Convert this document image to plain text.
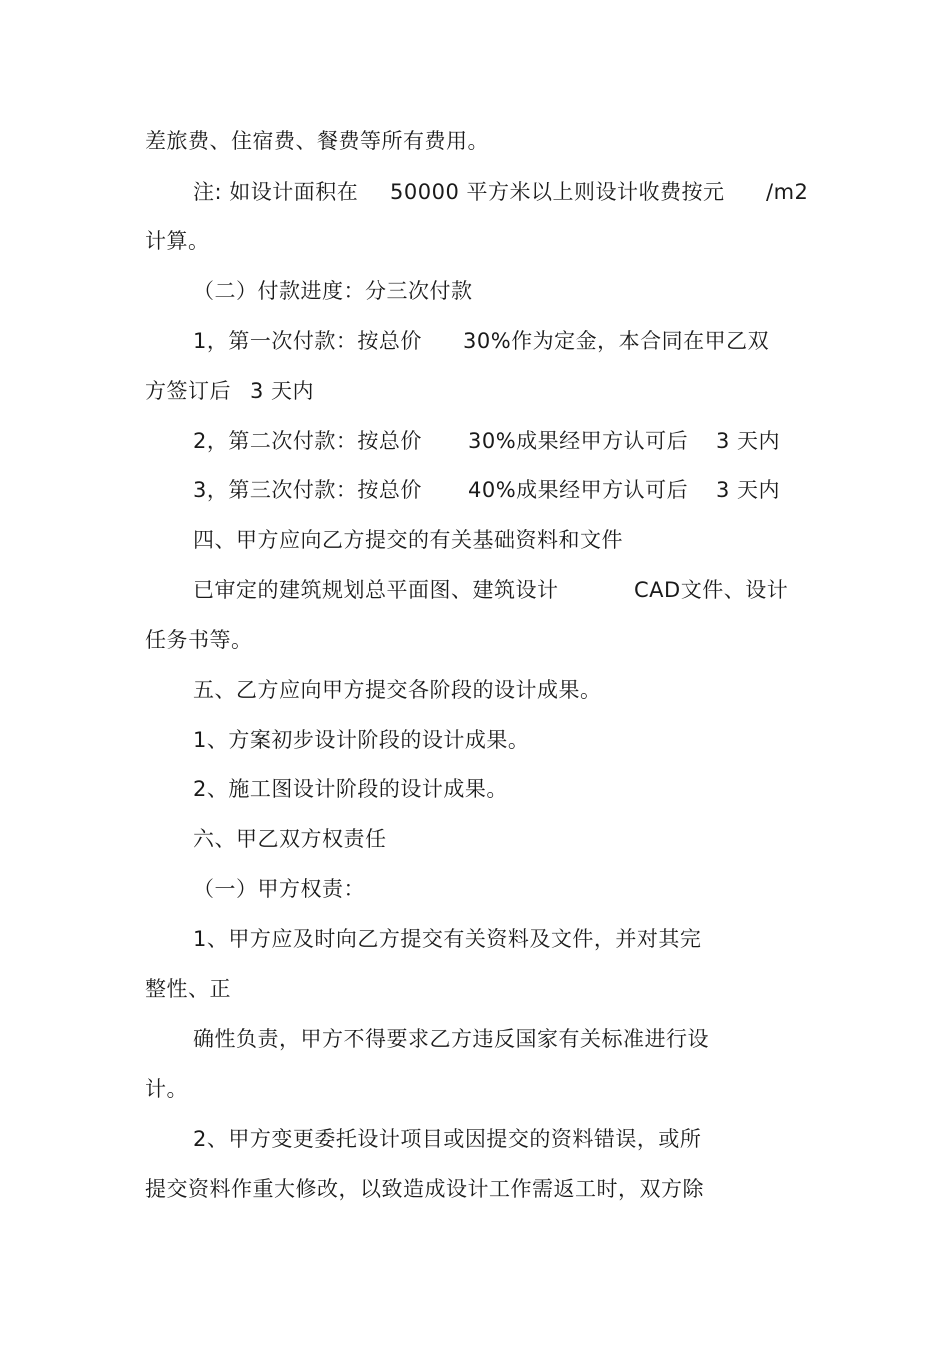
差旅费、住宿费、餐费等所有费用。
注: 如设计面积在 50000 平方米以上则设计收费按元 /m2
计算。
（二）付款进度：分三次付款
1，第一次付款：按总价 30%作为定金，本合同在甲乙双
方签订后 3 天内
2，第二次付款：按总价 30%成果经甲方认可后 3 天内
3，第三次付款：按总价 40%成果经甲方认可后 3 天内
四、甲方应向乙方提交的有关基础资料和文件
已审定的建筑规划总平面图、建筑设计	CAD文件、设计
任务书等。
五、乙方应向甲方提交各阶段的设计成果。
1、方案初步设计阶段的设计成果。
2、施工图设计阶段的设计成果。
六、甲乙双方权责任
（一）甲方权责：
1、甲方应及时向乙方提交有关资料及文件，并对其完
整性、正
确性负责，甲方不得要求乙方违反国家有关标准进行设
计。
2、甲方变更委托设计项目或因提交的资料错误，或所
提交资料作重大修改，以致造成设计工作需返工时，双方除
